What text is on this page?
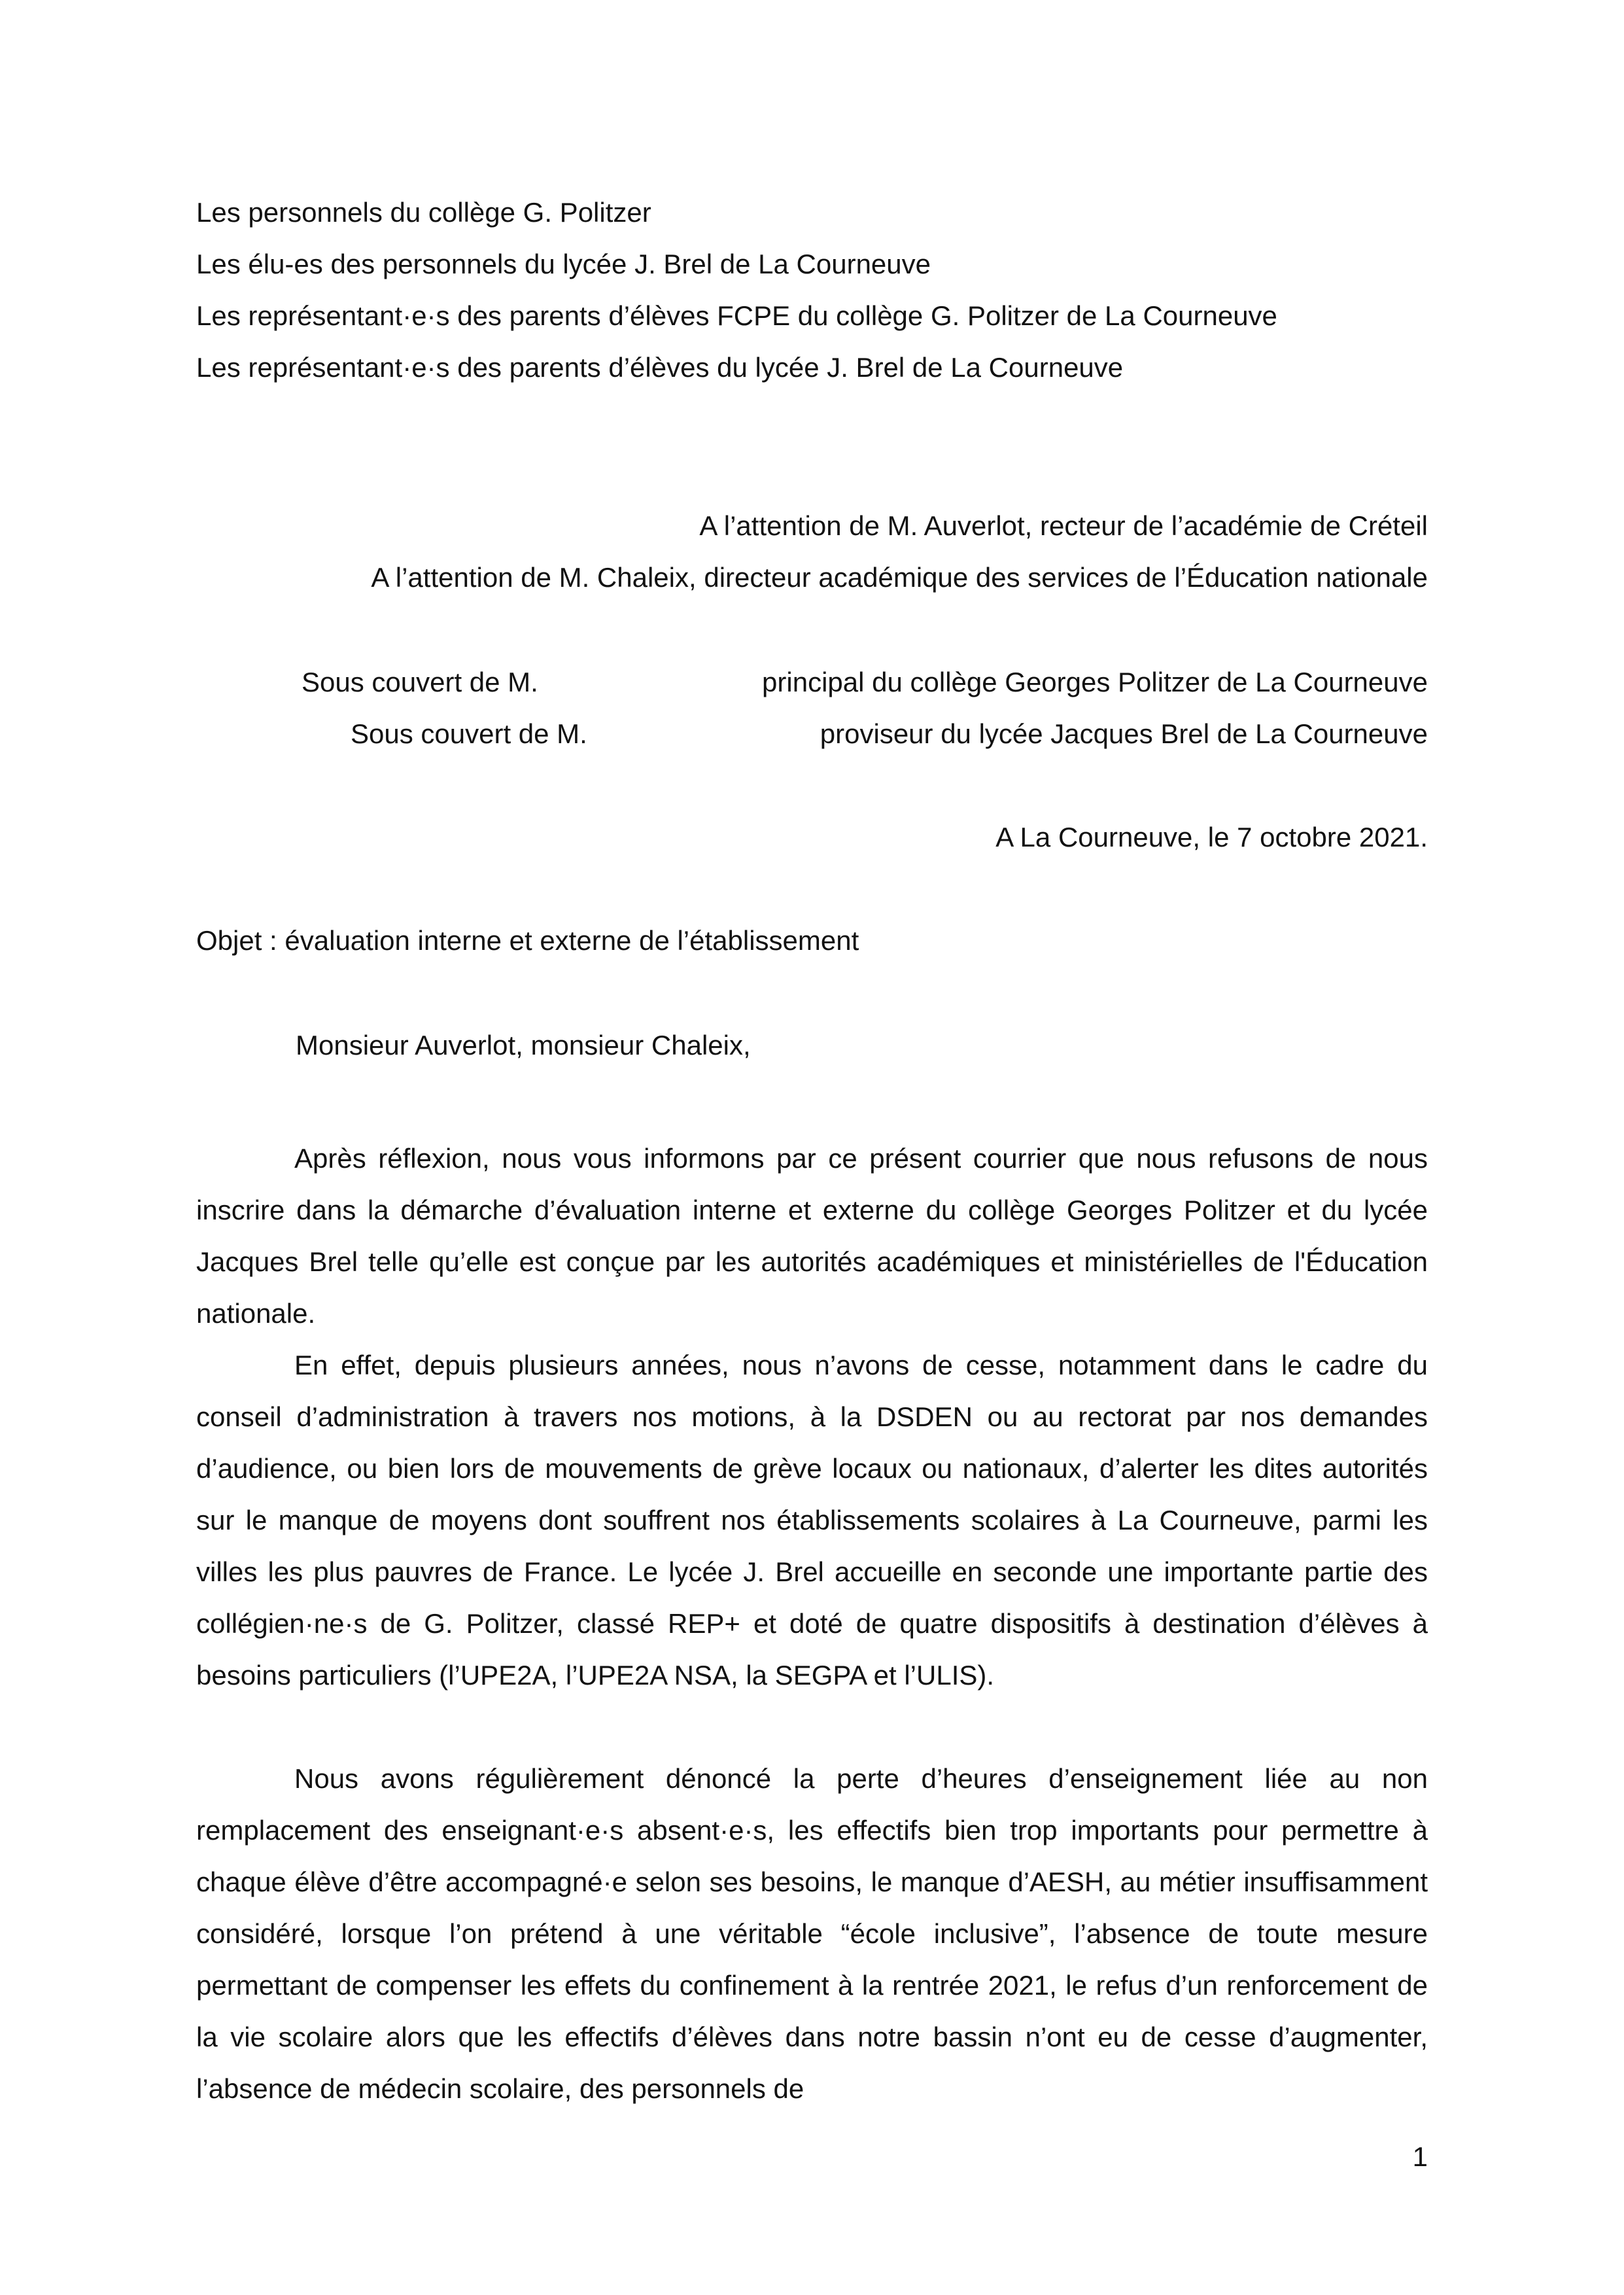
Les personnels du collège G. Politzer
Les élu-es des personnels du lycée J. Brel de La Courneuve
Les représentant·e·s des parents d’élèves FCPE du collège G. Politzer de La Courneuve
Les représentant·e·s des parents d’élèves du lycée J. Brel de La Courneuve
A l’attention de M. Auverlot, recteur de l’académie de Créteil
A l’attention de M. Chaleix, directeur académique des services de l’Éducation nationale
Sous couvert de M.	principal du collège Georges Politzer de La Courneuve
Sous couvert de M.	proviseur du lycée Jacques Brel de La Courneuve
A La Courneuve, le 7 octobre 2021.
Objet : évaluation interne et externe de l’établissement
Monsieur Auverlot, monsieur Chaleix,
Après réflexion, nous vous informons par ce présent courrier que nous refusons de nous inscrire dans la démarche d’évaluation interne et externe du collège Georges Politzer et du lycée Jacques Brel telle qu’elle est conçue par les autorités académiques et ministérielles de l'Éducation nationale.
En effet, depuis plusieurs années, nous n’avons de cesse, notamment dans le cadre du conseil d’administration à travers nos motions, à la DSDEN ou au rectorat par nos demandes d’audience, ou bien lors de mouvements de grève locaux ou nationaux, d’alerter les dites autorités sur le manque de moyens dont souffrent nos établissements scolaires à La Courneuve, parmi les villes les plus pauvres de France. Le lycée J. Brel accueille en seconde une importante partie des collégien·ne·s de G. Politzer, classé REP+ et doté de quatre dispositifs à destination d’élèves à besoins particuliers (l’UPE2A, l’UPE2A NSA, la SEGPA et l’ULIS).
Nous avons régulièrement dénoncé la perte d’heures d’enseignement liée au non remplacement des enseignant·e·s absent·e·s, les effectifs bien trop importants pour permettre à chaque élève d’être accompagné·e selon ses besoins, le manque d’AESH, au métier insuffisamment considéré, lorsque l’on prétend à une véritable “école inclusive”, l’absence de toute mesure permettant de compenser les effets du confinement à la rentrée 2021, le refus d’un renforcement de la vie scolaire alors que les effectifs d’élèves dans notre bassin n’ont eu de cesse d’augmenter, l’absence de médecin scolaire, des personnels de
1
